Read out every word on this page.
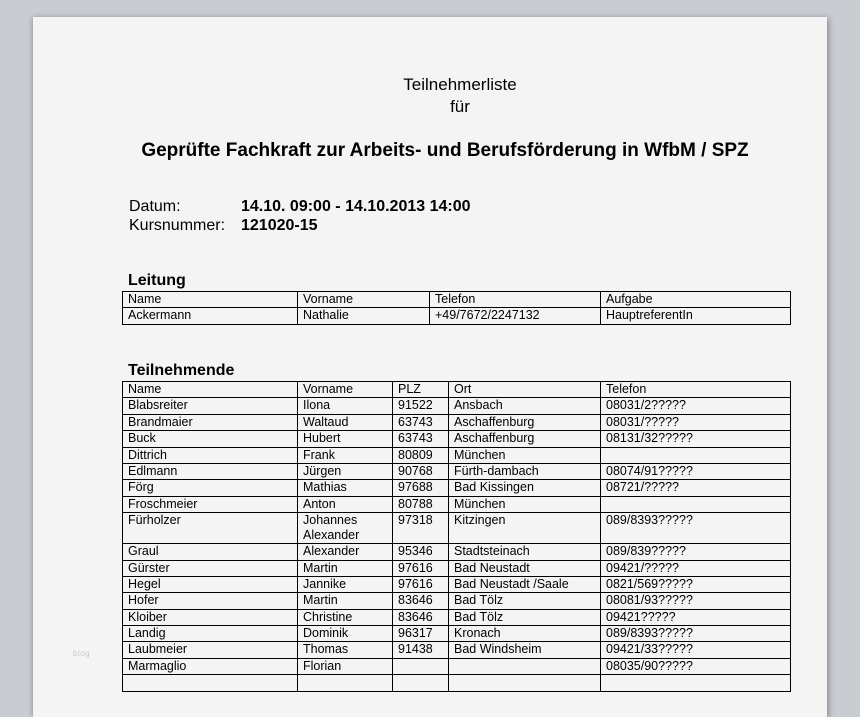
blog
Teilnehmerliste
für
Geprüfte Fachkraft zur Arbeits- und Berufsförderung in WfbM / SPZ
Datum:	14.10. 09:00 - 14.10.2013 14:00
Kursnummer: 121020-15
Leitung
Name	Vorname	Telefon	Aufgabe
Ackermann	Nathalie	+49/7672/2247132	HauptreferentIn
Teilnehmende
Name	Vorname	PLZ	Ort	Telefon
Blabsreiter	Ilona	91522	Ansbach	08031/2?????
Brandmaier	Waltaud	63743	Aschaffenburg	08031/?????
Buck	Hubert	63743	Aschaffenburg	08131/32?????
Dittrich	Frank	80809	München	
Edlmann	Jürgen	90768	Fürth-dambach	08074/91?????
Förg	Mathias	97688	Bad Kissingen	08721/?????
Froschmeier	Anton	80788	München	
Fürholzer	Johannes Alexander	97318	Kitzingen	089/8393?????
Graul	Alexander	95346	Stadtsteinach	089/839?????
Gürster	Martin	97616	Bad Neustadt	09421/?????
Hegel	Jannike	97616	Bad Neustadt /Saale	0821/569?????
Hofer	Martin	83646	Bad Tölz	08081/93?????
Kloiber	Christine	83646	Bad Tölz	09421?????
Landig	Dominik	96317	Kronach	089/8393?????
Laubmeier	Thomas	91438	Bad Windsheim	09421/33?????
Marmaglio	Florian			08035/90?????
